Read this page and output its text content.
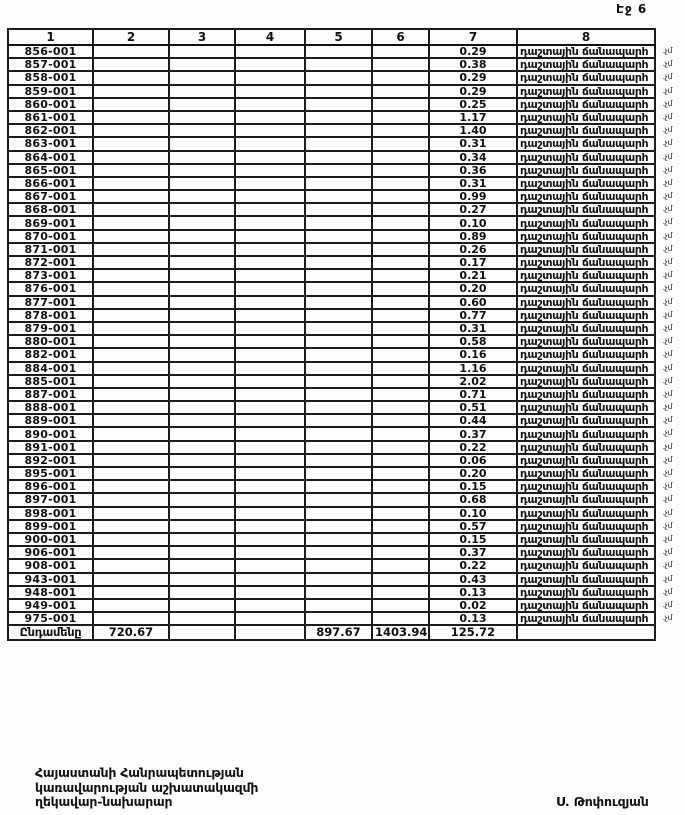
Էջ 6
1	2	3	4	5	6	7	8
856-001						0.29	դաշտային ճանապարհ .չմ

857-001						0.38	դաշտային ճանապարհ .չմ

858-001						0.29	դաշտային ճանապարհ .չմ

859-001						0.29	դաշտային ճանապարհ .չմ

860-001						0.25	դաշտային ճանապարհ .չմ

861-001						1.17	դաշտային ճանապարհ .չմ

862-001						1.40	դաշտային ճանապարհ .չմ

863-001						0.31	դաշտային ճանապարհ .չմ

864-001						0.34	դաշտային ճանապարհ .չմ

865-001						0.36	դաշտային ճանապարհ .չմ

866-001						0.31	դաշտային ճանապարհ .չմ

867-001						0.99	դաշտային ճանապարհ .չմ

868-001						0.27	դաշտային ճանապարհ .չմ

869-001						0.10	դաշտային ճանապարհ .չմ

870-001						0.89	դաշտային ճանապարհ .չմ

871-001						0.26	դաշտային ճանապարհ .չմ

872-001						0.17	դաշտային ճանապարհ .չմ

873-001						0.21	դաշտային ճանապարհ .չմ

876-001						0.20	դաշտային ճանապարհ .չմ

877-001						0.60	դաշտային ճանապարհ .չմ

878-001						0.77	դաշտային ճանապարհ .չմ

879-001						0.31	դաշտային ճանապարհ .չմ

880-001						0.58	դաշտային ճանապարհ .չմ

882-001						0.16	դաշտային ճանապարհ .չմ

884-001						1.16	դաշտային ճանապարհ .չմ

885-001						2.02	դաշտային ճանապարհ .չմ

887-001						0.71	դաշտային ճանապարհ .չմ

888-001						0.51	դաշտային ճանապարհ .չմ

889-001						0.44	դաշտային ճանապարհ .չմ

890-001						0.37	դաշտային ճանապարհ .չմ

891-001						0.22	դաշտային ճանապարհ .չմ

892-001						0.06	դաշտային ճանապարհ .չմ

895-001						0.20	դաշտային ճանապարհ .չմ

896-001						0.15	դաշտային ճանապարհ .չմ

897-001						0.68	դաշտային ճանապարհ .չմ

898-001						0.10	դաշտային ճանապարհ .չմ

899-001						0.57	դաշտային ճանապարհ .չմ

900-001						0.15	դաշտային ճանապարհ .չմ

906-001						0.37	դաշտային ճանապարհ .չմ

908-001						0.22	դաշտային ճանապարհ .չմ

943-001						0.43	դաշտային ճանապարհ .չմ

948-001						0.13	դաշտային ճանապարհ .չմ

949-001						0.02	դաշտային ճանապարհ .չմ

975-001						0.13	դաշտային ճանապարհ .չմ

Ընդամենը	720.67			897.67	1403.94	125.72	
Հայաստանի Հանրապետության
կառավարության աշխատակազմի
ղեկավար-նախարար	Ս. Թոփուզյան
